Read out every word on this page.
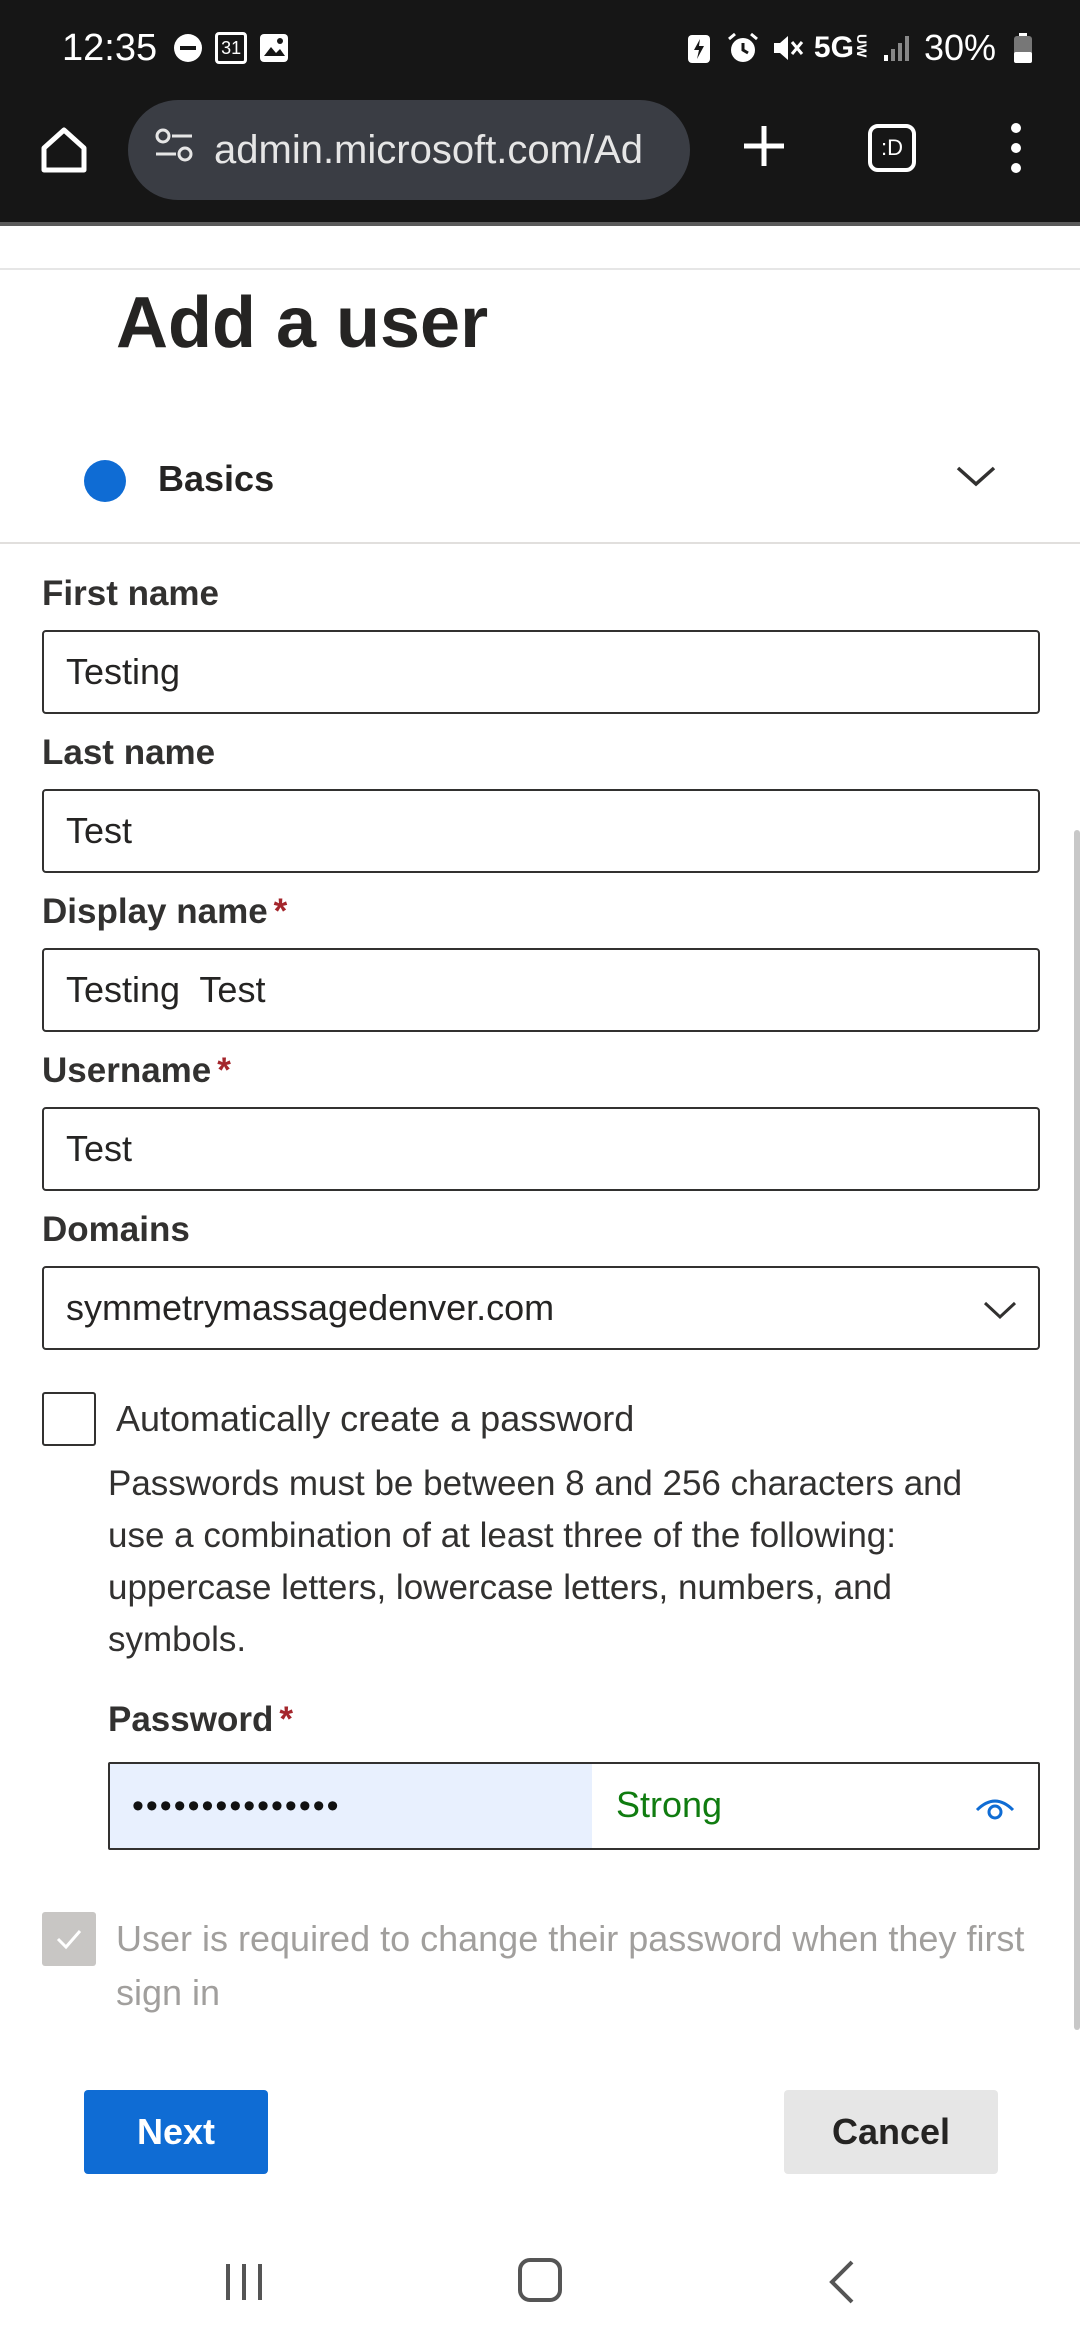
12:35	31	5GUW 30%
admin.microsoft.com/Ad	:D
Add a user
Basics
First name
Testing
Last name
Test
Display name *
Testing  Test
Username *
Test
Domains
symmetrymassagedenver.com
Automatically create a password

Passwords must be between 8 and 256 characters and use a combination of at least three of the following: uppercase letters, lowercase letters, numbers, and symbols.

Password *
•••••••••••••••	Strong
User is required to change their password when they first sign in
Next	Cancel
